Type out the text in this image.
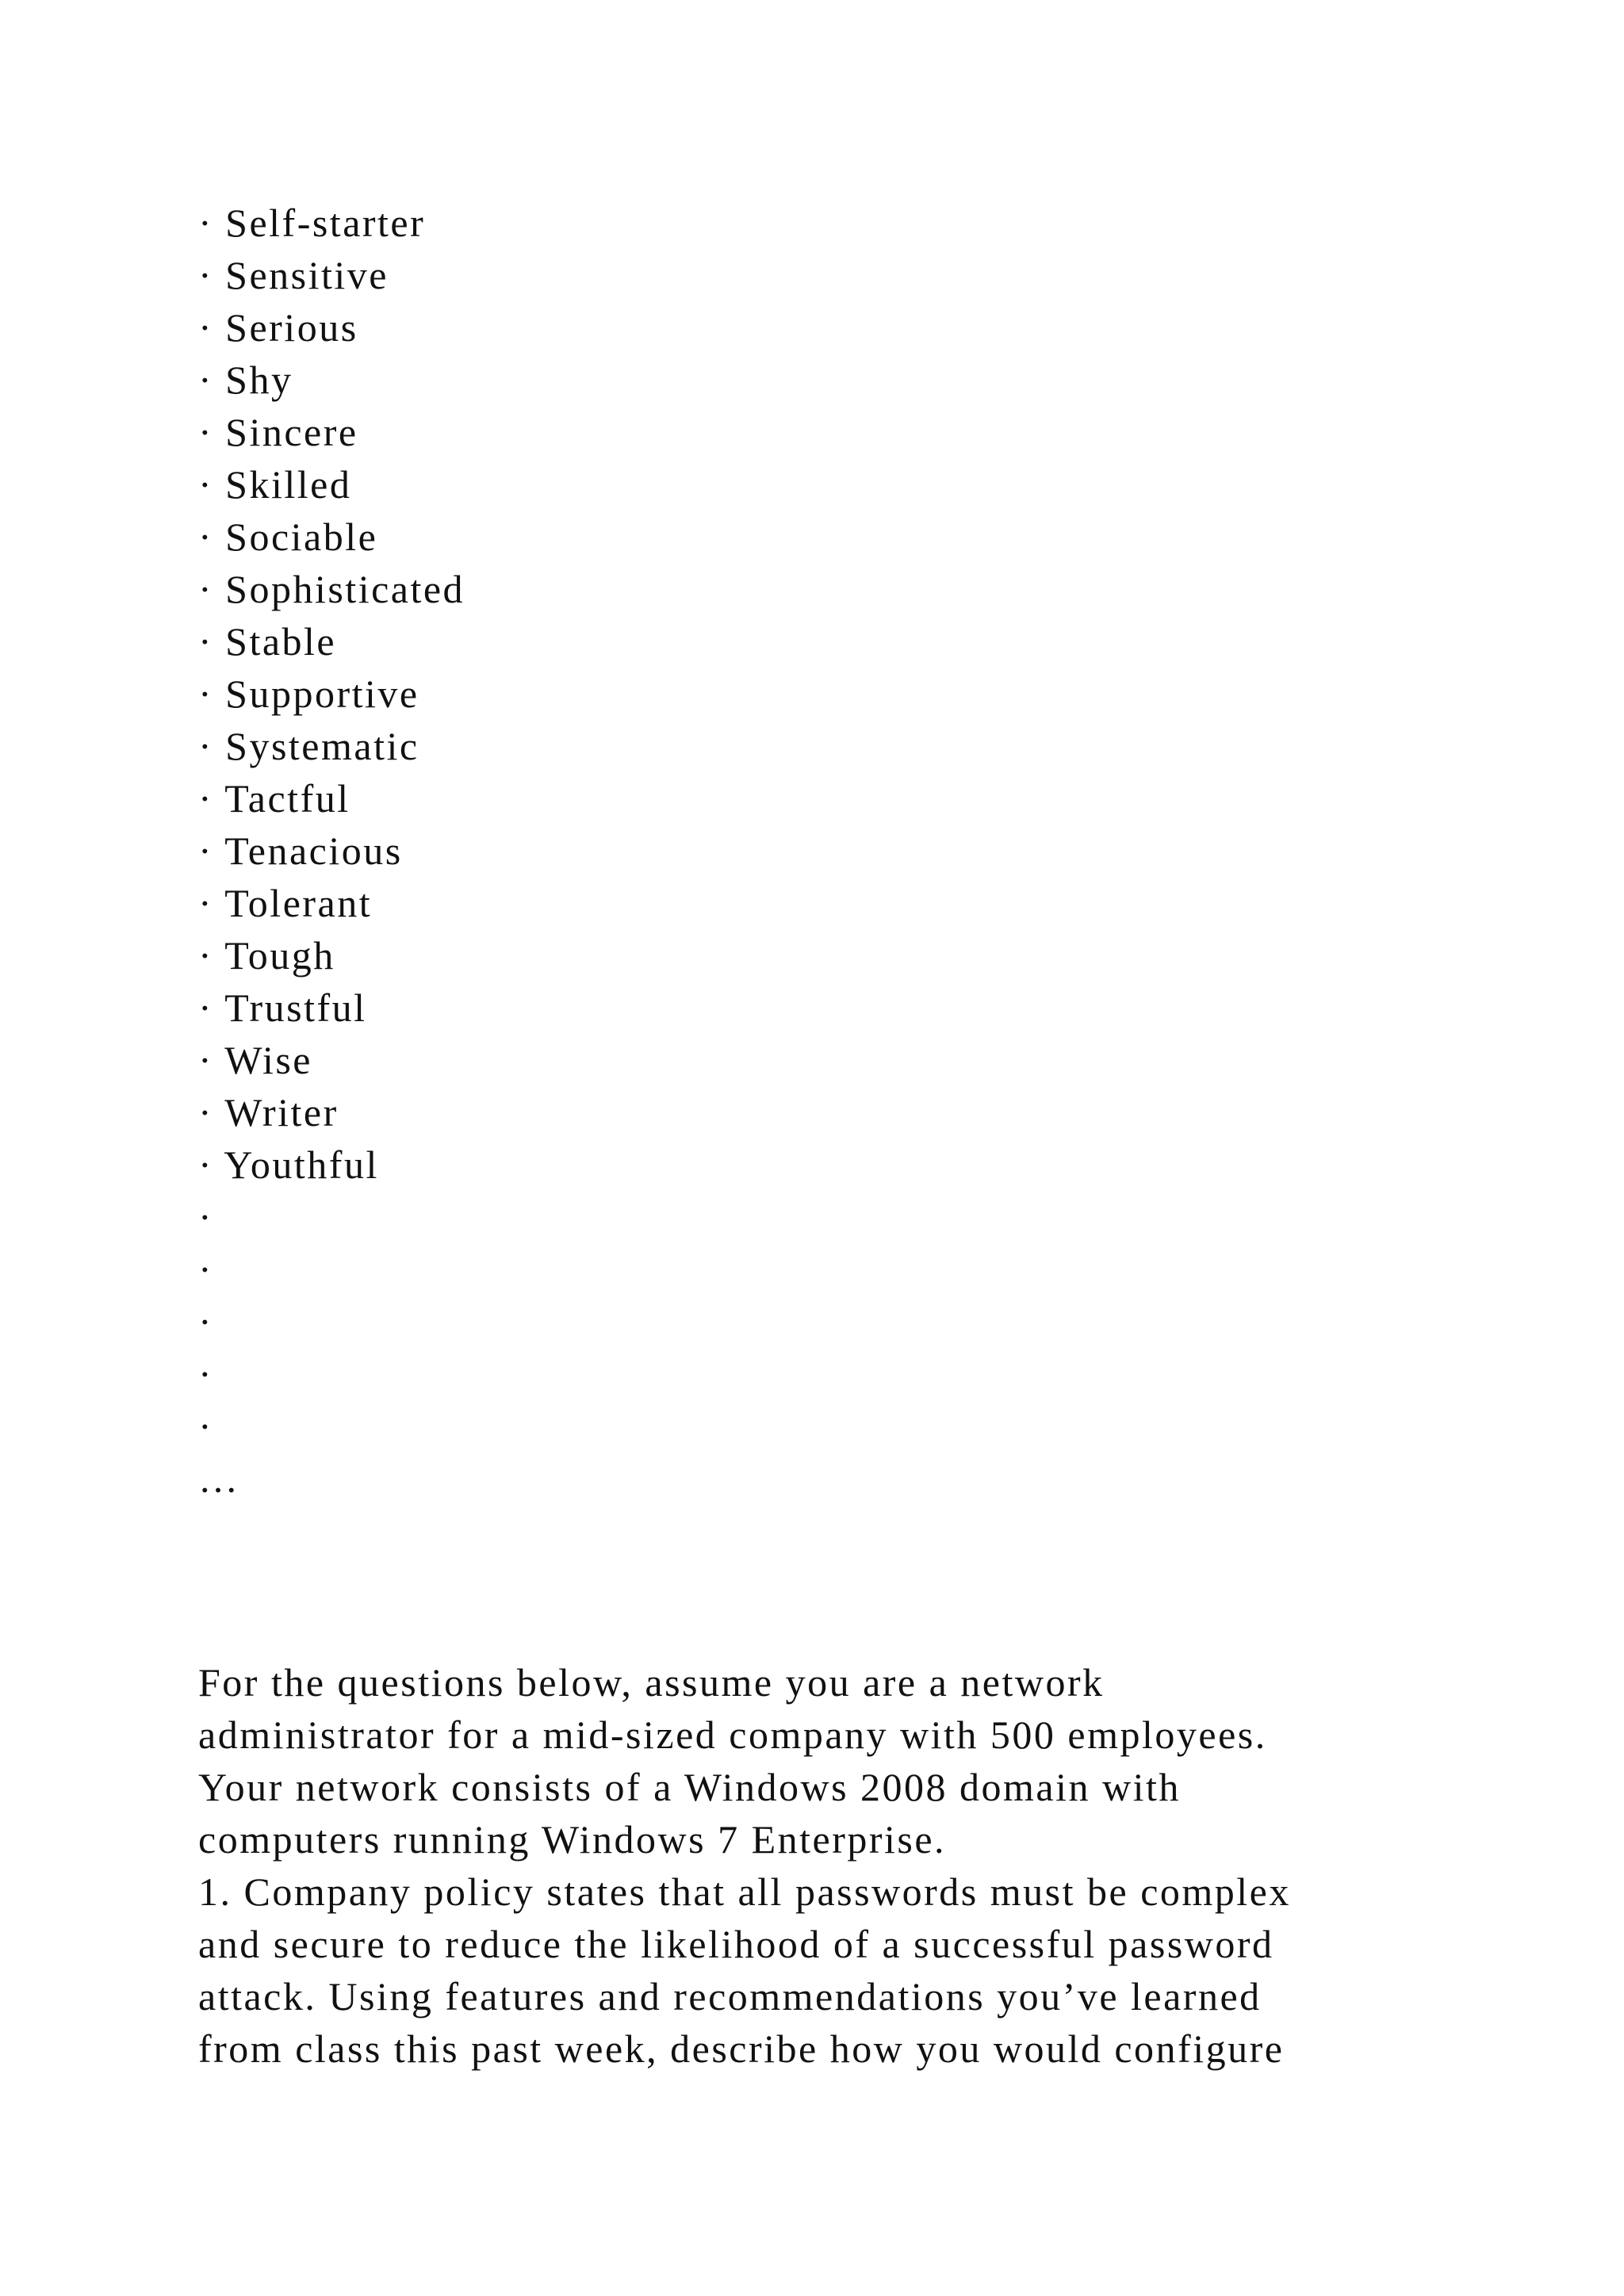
· Self-starter
· Sensitive
· Serious
· Shy
· Sincere
· Skilled
· Sociable
· Sophisticated
· Stable
· Supportive
· Systematic
· Tactful
· Tenacious
· Tolerant
· Tough
· Trustful
· Wise
· Writer
· Youthful
·
·
·
·
·
…
For the questions below, assume you are a network
administrator for a mid-sized company with 500 employees.
Your network consists of a Windows 2008 domain with
computers running Windows 7 Enterprise.
1. Company policy states that all passwords must be complex
and secure to reduce the likelihood of a successful password
attack. Using features and recommendations you’ve learned
from class this past week, describe how you would configure
